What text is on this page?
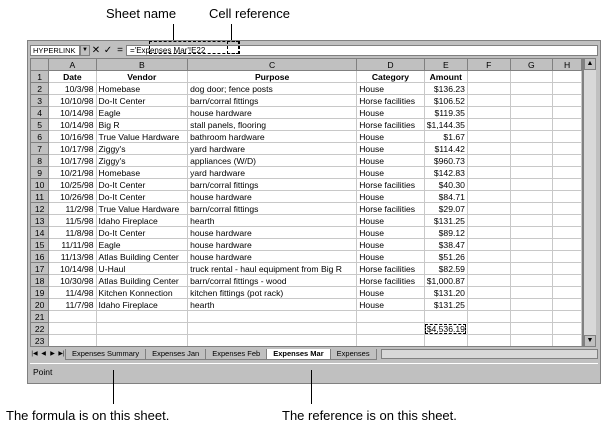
Sheet name	Cell reference
HYPERLINK	▼ ✕ ✓ = ='Expenses Mar'!E22
	A	B	C	D	E	F	G	H
1	Date	Vendor	Purpose	Category	Amount			
2	10/3/98	Homebase	dog door; fence posts	House	$136.23			
3	10/10/98	Do-It Center	barn/corral fittings	Horse facilities	$106.52			
4	10/14/98	Eagle	house hardware	House	$119.35			
5	10/14/98	Big R	stall panels, flooring	Horse facilities	$1,144.35			
6	10/16/98	True Value Hardware	bathroom hardware	House	$1.67			
7	10/17/98	Ziggy's	yard hardware	House	$114.42			
8	10/17/98	Ziggy's	appliances (W/D)	House	$960.73			
9	10/21/98	Homebase	yard hardware	House	$142.83			
10	10/25/98	Do-It Center	barn/corral fittings	Horse facilities	$40.30			
11	10/26/98	Do-It Center	house hardware	House	$84.71			
12	11/2/98	True Value Hardware	barn/corral fittings	Horse facilities	$29.07			
13	11/5/98	Idaho Fireplace	hearth	House	$131.25			
14	11/8/98	Do-It Center	house hardware	House	$89.12			
15	11/11/98	Eagle	house hardware	House	$38.47			
16	11/13/98	Atlas Building Center	house hardware	House	$51.26			
17	10/14/98	U-Haul	truck rental - haul equipment from Big R	Horse facilities	$82.59			
18	10/30/98	Atlas Building Center	barn/corral fittings - wood	Horse facilities	$1,000.87			
19	11/4/98	Kitchen Konnection	kitchen fittings (pot rack)	House	$131.20			
20	11/7/98	Idaho Fireplace	hearth	House	$131.25			
21								
22					$4,536.19			
23								

▲
▼
|◀ ◀ ▶ ▶| Expenses Summary	Expenses Jan	Expenses Feb	Expenses Mar	Expenses
Point
The formula is on this sheet.	The reference is on this sheet.
